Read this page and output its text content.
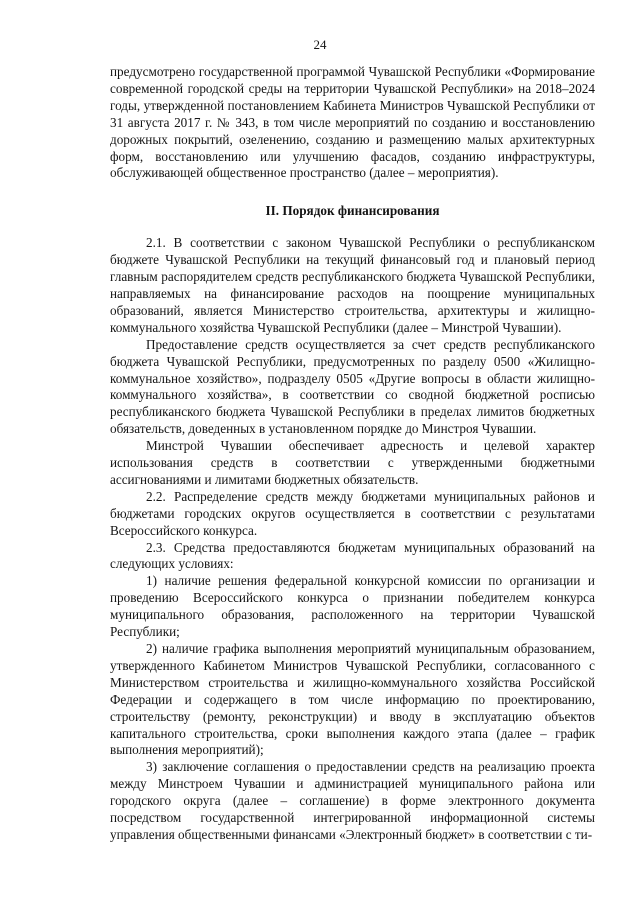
24

предусмотрено государственной программой Чувашской Республики «Формирование современной городской среды на территории Чувашской Республики» на 2018–2024 годы, утвержденной постановлением Кабинета Министров Чувашской Республики от 31 августа 2017 г. № 343, в том числе мероприятий по созданию и восстановлению дорожных покрытий, озеленению, созданию и размещению малых архитектурных форм, восстановлению или улучшению фасадов, созданию инфраструктуры, обслуживающей общественное пространство (далее – мероприятия).

II. Порядок финансирования

2.1. В соответствии с законом Чувашской Республики о республиканском бюджете Чувашской Республики на текущий финансовый год и плановый период главным распорядителем средств республиканского бюджета Чувашской Республики, направляемых на финансирование расходов на поощрение муниципальных образований, является Министерство строительства, архитектуры и жилищно-коммунального хозяйства Чувашской Республики (далее – Минстрой Чувашии).

Предоставление средств осуществляется за счет средств республиканского бюджета Чувашской Республики, предусмотренных по разделу 0500 «Жилищно-коммунальное хозяйство», подразделу 0505 «Другие вопросы в области жилищно-коммунального хозяйства», в соответствии со сводной бюджетной росписью республиканского бюджета Чувашской Республики в пределах лимитов бюджетных обязательств, доведенных в установленном порядке до Минстроя Чувашии.

Минстрой Чувашии обеспечивает адресность и целевой характер использования средств в соответствии с утвержденными бюджетными ассигнованиями и лимитами бюджетных обязательств.

2.2. Распределение средств между бюджетами муниципальных районов и бюджетами городских округов осуществляется в соответствии с результатами Всероссийского конкурса.

2.3. Средства предоставляются бюджетам муниципальных образований на следующих условиях:

1) наличие решения федеральной конкурсной комиссии по организации и проведению Всероссийского конкурса о признании победителем конкурса муниципального образования, расположенного на территории Чувашской Республики;

2) наличие графика выполнения мероприятий муниципальным образованием, утвержденного Кабинетом Министров Чувашской Республики, согласованного с Министерством строительства и жилищно-коммунального хозяйства Российской Федерации и содержащего в том числе информацию по проектированию, строительству (ремонту, реконструкции) и вводу в эксплуатацию объектов капитального строительства, сроки выполнения каждого этапа (далее – график выполнения мероприятий);

3) заключение соглашения о предоставлении средств на реализацию проекта между Минстроем Чувашии и администрацией муниципального района или городского округа (далее – соглашение) в форме электронного документа посредством государственной интегрированной информационной системы управления общественными финансами «Электронный бюджет» в соответствии с ти-
